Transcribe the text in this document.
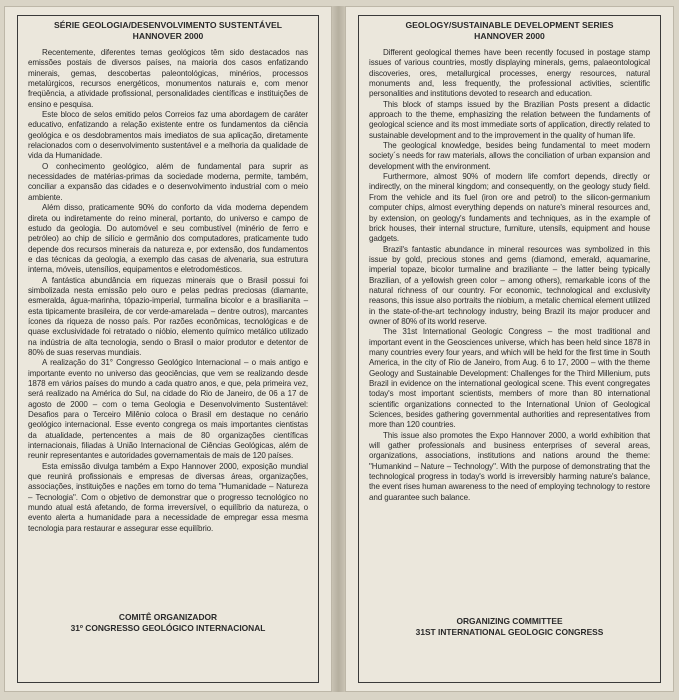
SÉRIE GEOLOGIA/DESENVOLVIMENTO SUSTENTÁVEL
HANNOVER 2000

Recentemente, diferentes temas geológicos têm sido destacados nas emissões postais de diversos países, na maioria dos casos enfatizando minerais, gemas, descobertas paleontológicas, minérios, processos metalúrgicos, recursos energéticos, monumentos naturais e, com menor freqüência, a atividade profissional, personalidades científicas e instituições de ensino e pesquisa.

Este bloco de selos emitido pelos Correios faz uma abordagem de caráter educativo, enfatizando a relação existente entre os fundamentos da ciência geológica e os desdobramentos mais imediatos de sua aplicação, diretamente relacionados com o desenvolvimento sustentável e a melhoria da qualidade de vida da Humanidade.

O conhecimento geológico, além de fundamental para suprir as necessidades de matérias-primas da sociedade moderna, permite, também, conciliar a expansão das cidades e o desenvolvimento industrial com o meio ambiente.

Além disso, praticamente 90% do conforto da vida moderna dependem direta ou indiretamente do reino mineral, portanto, do universo e campo de estudo da geologia. Do automóvel e seu combustível (minério de ferro e petróleo) ao chip de silício e germânio dos computadores, praticamente tudo depende dos recursos minerais da natureza e, por extensão, dos fundamentos e das técnicas da geologia, a exemplo das casas de alvenaria, sua estrutura interna, móveis, utensílios, equipamentos e eletrodomésticos.

A fantástica abundância em riquezas minerais que o Brasil possui foi simbolizada nesta emissão pelo ouro e pelas pedras preciosas (diamante, esmeralda, água-marinha, tópazio-imperial, turmalina bicolor e a brasilianita – esta tipicamente brasileira, de cor verde-amarelada – dentre outros), marcantes ícones da riqueza de nosso país. Por razões econômicas, tecnológicas e de quase exclusividade foi retratado o nióbio, elemento químico metálico utilizado na indústria de alta tecnologia, sendo o Brasil o maior produtor e detentor de 80% de suas reservas mundiais.

A realização do 31° Congresso Geológico Internacional – o mais antigo e importante evento no universo das geociências, que vem se realizando desde 1878 em vários países do mundo a cada quatro anos, e que, pela primeira vez, será realizado na América do Sul, na cidade do Rio de Janeiro, de 06 a 17 de agosto de 2000 – com o tema Geologia e Desenvolvimento Sustentável: Desafios para o Terceiro Milênio coloca o Brasil em destaque no cenário geológico internacional. Esse evento congrega os mais importantes cientistas da atualidade, pertencentes a mais de 80 organizações científicas internacionais, filiadas à União Internacional de Ciências Geológicas, além de reunir representantes e autoridades governamentais de mais de 120 países.

Esta emissão divulga também a Expo Hannover 2000, exposição mundial que reunirá profissionais e empresas de diversas áreas, organizações, associações, instituições e nações em torno do tema "Humanidade – Natureza – Tecnologia". Com o objetivo de demonstrar que o progresso tecnológico no mundo atual está afetando, de forma irreversível, o equilíbrio da natureza, o evento alerta a humanidade para a necessidade de empregar essa mesma tecnologia para restaurar e assegurar esse equilíbrio.

COMITÊ ORGANIZADOR
31º CONGRESSO GEOLÓGICO INTERNACIONAL
GEOLOGY/SUSTAINABLE DEVELOPMENT SERIES
HANNOVER 2000

Different geological themes have been recently focused in postage stamp issues of various countries, mostly displaying minerals, gems, palaeontological discoveries, ores, metallurgical processes, energy resources, natural monuments and, less frequently, the professional activities, scientific personalities and institutions devoted to research and education.

This block of stamps issued by the Brazilian Posts present a didactic approach to the theme, emphasizing the relation between the fundaments of geological science and its most immediate sorts of application, directly related to sustainable development and to the improvement in the quality of human life.

The geological knowledge, besides being fundamental to meet modern society´s needs for raw materials, allows the conciliation of urban expansion and development with the environment.

Furthermore, almost 90% of modern life comfort depends, directly or indirectly, on the mineral kingdom; and consequently, on the geology study field. From the vehicle and its fuel (iron ore and petrol) to the silicon-germanium computer chips, almost everything depends on nature's mineral resources and, by extension, on geology's fundaments and techniques, as in the example of brick houses, their internal structure, furniture, utensils, equipment and house gadgets.

Brazil's fantastic abundance in mineral resources was symbolized in this issue by gold, precious stones and gems (diamond, emerald, aquamarine, imperial topaze, bicolor turmaline and braziliante – the latter being typically Brazilian, of a yellowish green color – among others), remarkable icons of the natural richness of our country. For economic, technological and exclusivity reasons, this issue also portraits the niobium, a metalic chemical element utilized in the state-of-the-art technology industry, being Brazil its major producer and owner of 80% of its world reserve.

The 31st International Geologic Congress – the most traditional and important event in the Geosciences universe, which has been held since 1878 in many countries every four years, and which will be held for the first time in South America, in the city of Rio de Janeiro, from Aug. 6 to 17, 2000 – with the theme Geology and Sustainable Development: Challenges for the Third Millenium, puts Brazil in evidence on the international geological scene. This event congregates today's most important scientists, members of more than 80 international scientific organizations connected to the International Union of Geological Sciences, besides gathering governmental authorities and representatives from more than 120 countries.

This issue also promotes the Expo Hannover 2000, a world exhibition that will gather professionals and business enterprises of several areas, organizations, associations, institutions and nations around the theme: "Humankind – Nature – Technology". With the purpose of demonstrating that the technological progress in today's world is irreversibly harming nature's balance, the event rises human awareness to the need of employing technology to restore and guarantee such balance.

ORGANIZING COMMITTEE
31ST INTERNATIONAL GEOLOGIC CONGRESS
